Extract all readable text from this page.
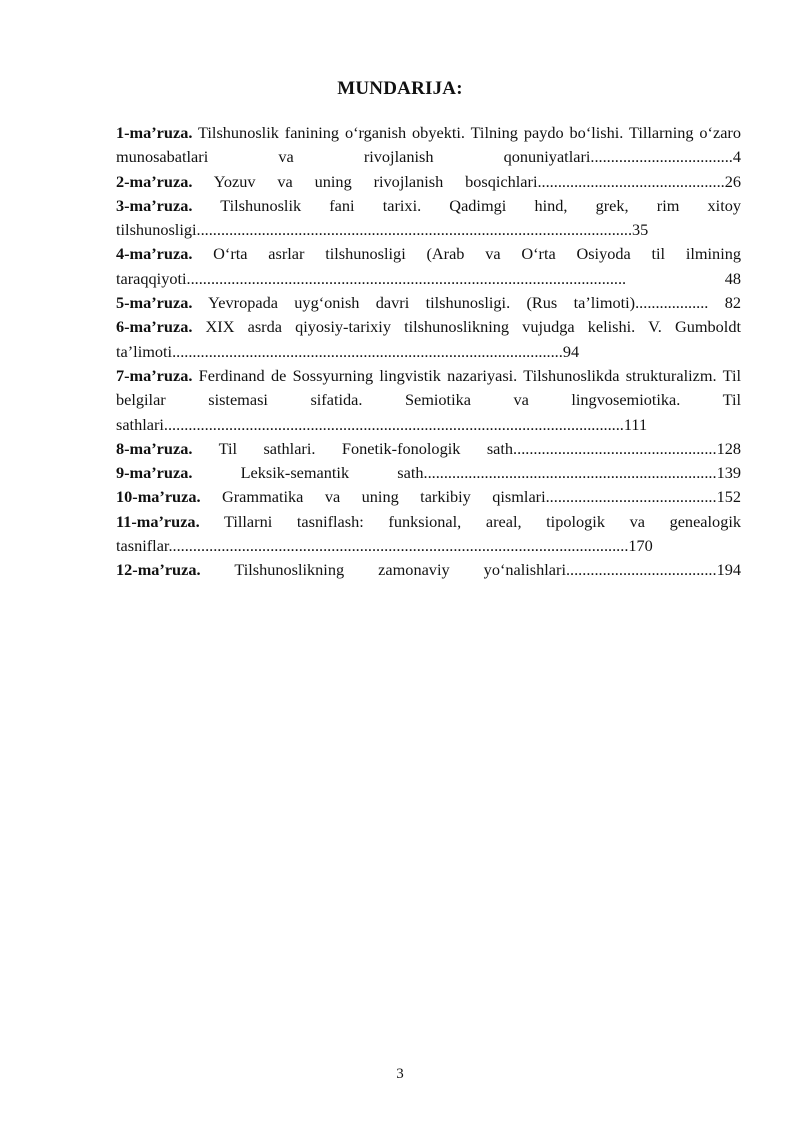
MUNDARIJA:

1-ma’ruza. Tilshunoslik fanining o‘rganish obyekti. Tilning paydo bo‘lishi. Tillarning o‘zaro munosabatlari va rivojlanish qonuniyatlari...................................4

2-ma’ruza. Yozuv va uning rivojlanish bosqichlari..............................................26

3-ma’ruza. Tilshunoslik fani tarixi. Qadimgi hind, grek, rim xitoy tilshunosligi...........................................................................................................35

4-ma’ruza. O‘rta asrlar tilshunosligi (Arab va O‘rta Osiyoda til ilmining taraqqiyoti............................................................................................................ 48

5-ma’ruza. Yevropada uyg‘onish davri tilshunosligi. (Rus ta’limoti).................. 82

6-ma’ruza. XIX asrda qiyosiy-tarixiy tilshunoslikning vujudga kelishi. V. Gumboldt ta’limoti................................................................................................94

7-ma’ruza. Ferdinand de Sossyurning lingvistik nazariyasi. Tilshunoslikda strukturalizm. Til belgilar sistemasi sifatida. Semiotika va lingvosemiotika. Til sathlari.................................................................................................................111

8-ma’ruza. Til sathlari. Fonetik-fonologik sath..................................................128

9-ma’ruza. Leksik-semantik sath........................................................................139

10-ma’ruza. Grammatika va uning tarkibiy qismlari..........................................152

11-ma’ruza. Tillarni tasniflash: funksional, areal, tipologik va genealogik tasniflar.................................................................................................................170

12-ma’ruza. Tilshunoslikning zamonaviy yo‘nalishlari.....................................194

3
